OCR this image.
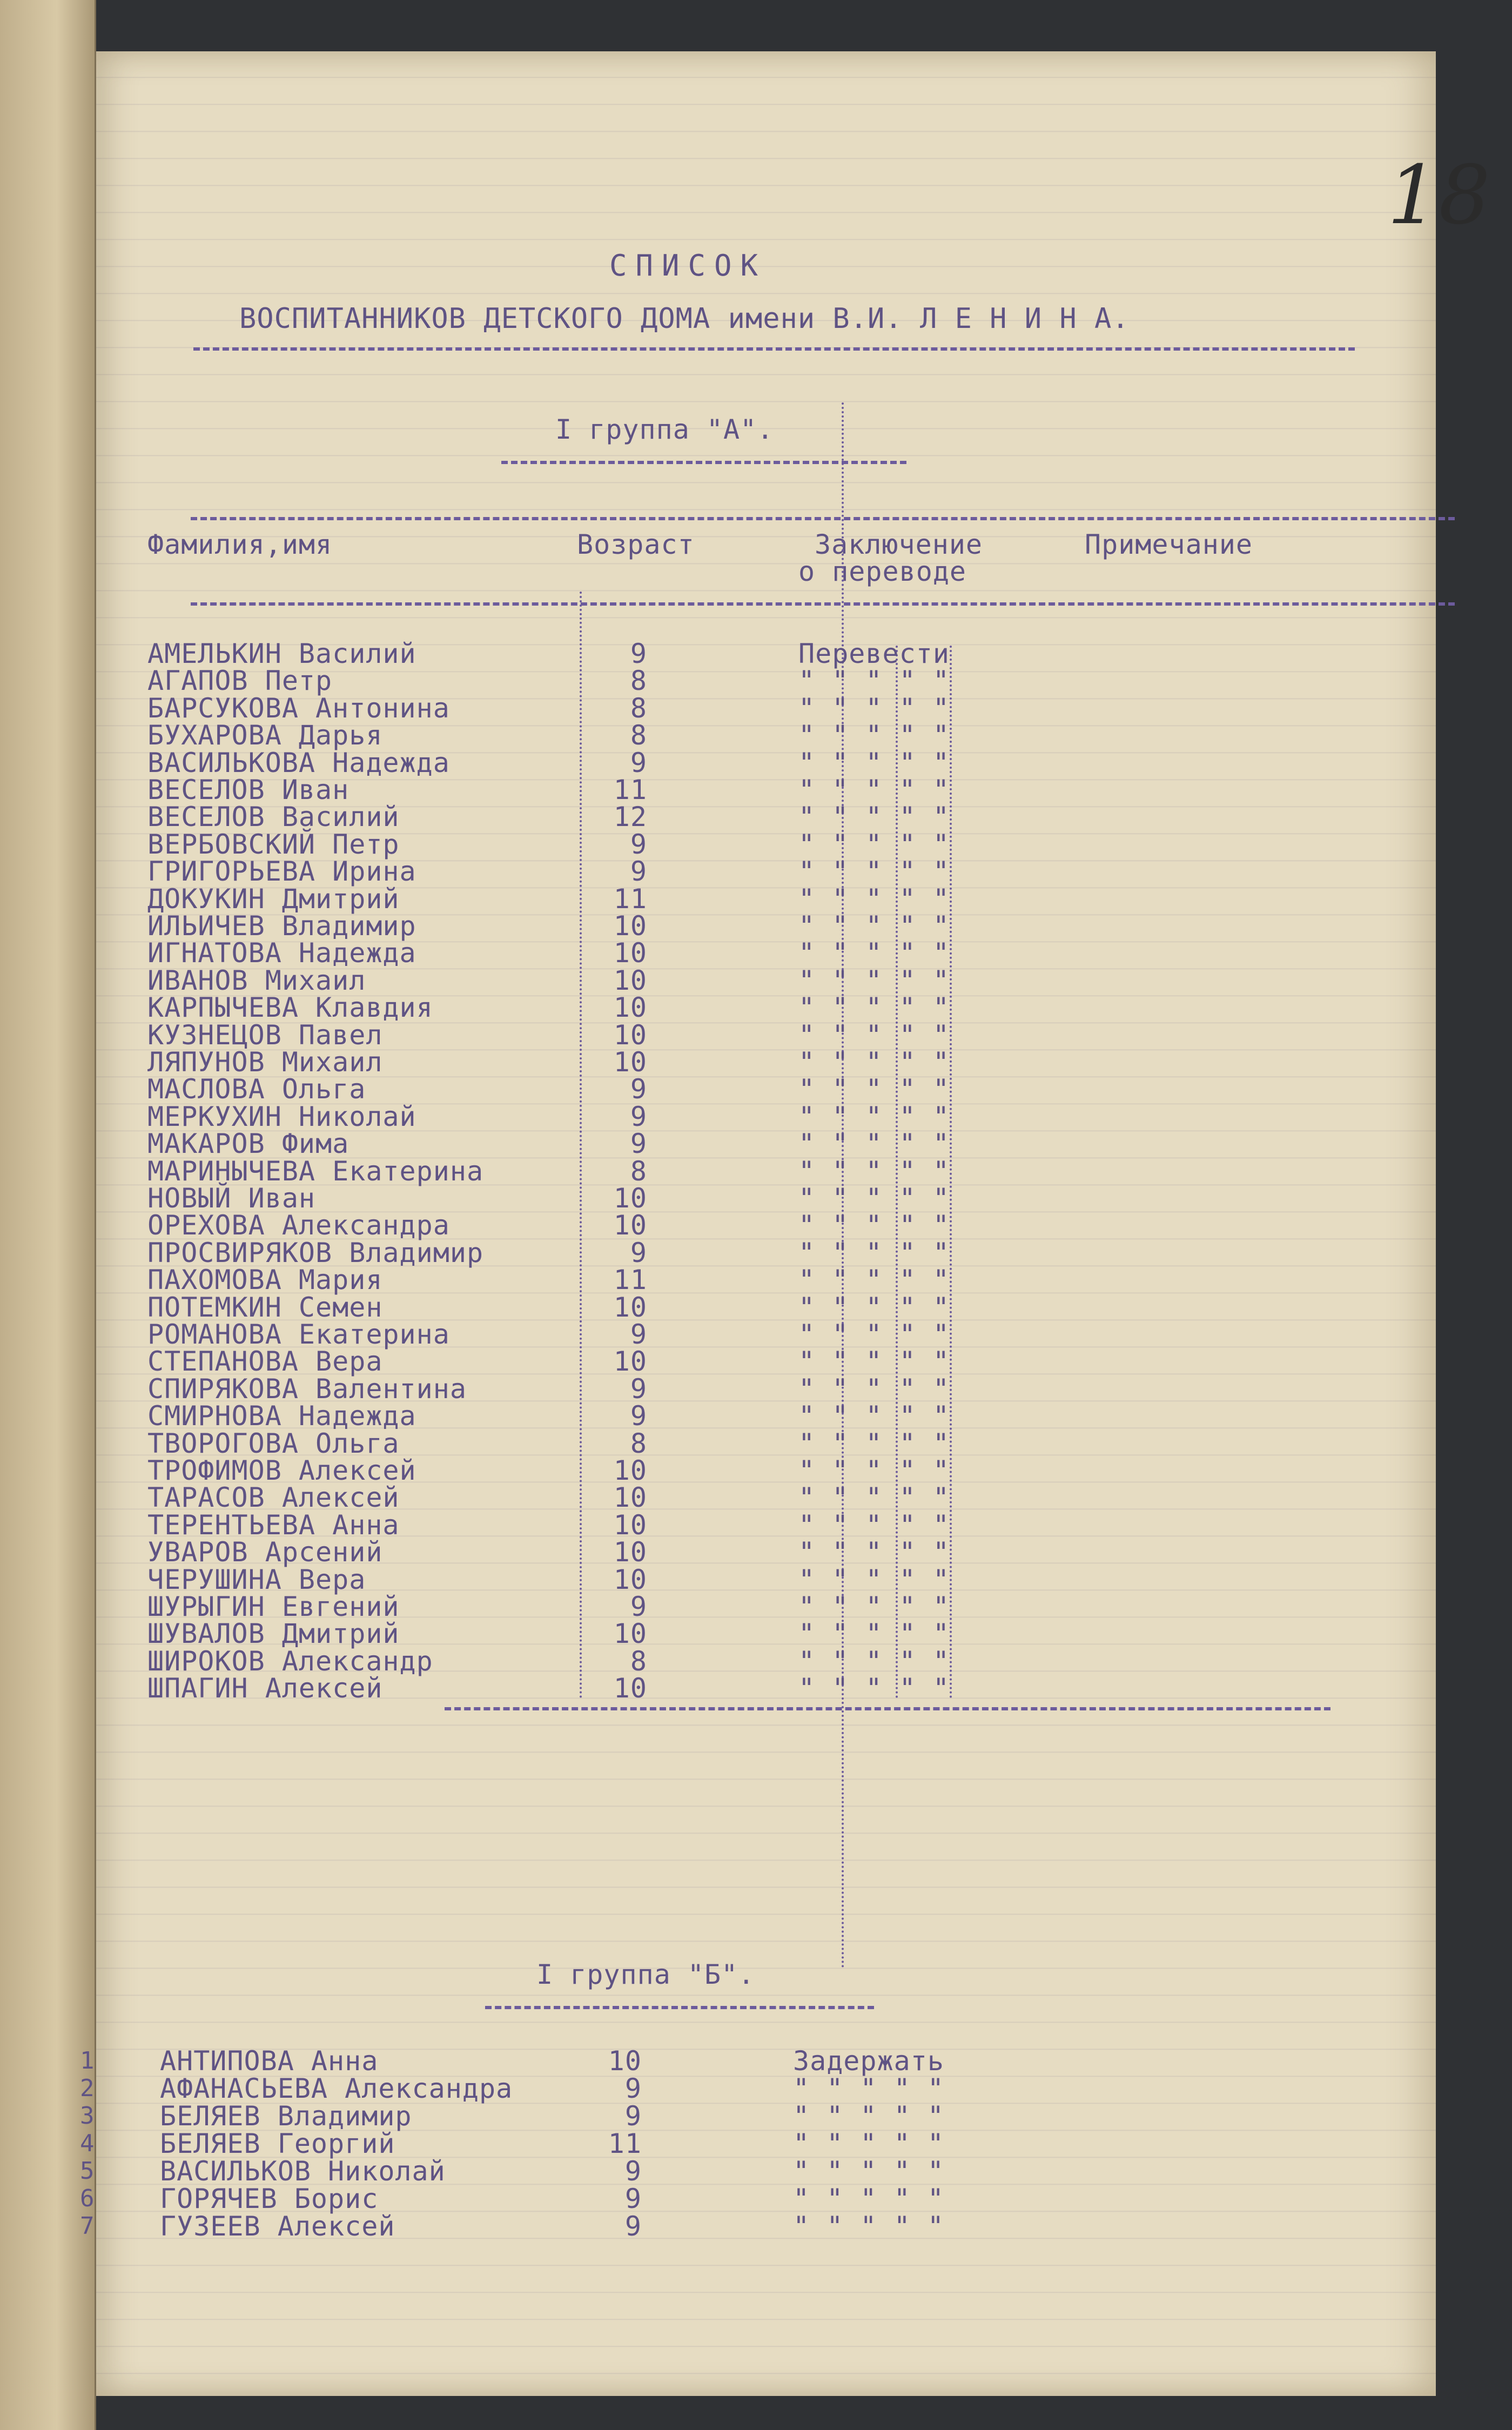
18
СПИСОК
ВОСПИТАННИКОВ ДЕТСКОГО ДОМА имени В.И. Л Е Н И Н А.
I группа "А".
Фамилия,имя	Возраст	Заключение
о переводе
Примечание
АМЕЛЬКИН Василий	9	Перевести
АГАПОВ Петр	8	" " " " "
БАРСУКОВА Антонина	8	" " " " "
БУХАРОВА Дарья	8	" " " " "
ВАСИЛЬКОВА Надежда	9	" " " " "
ВЕСЕЛОВ Иван	11	" " " " "
ВЕСЕЛОВ Василий	12	" " " " "
ВЕРБОВСКИЙ Петр	9	" " " " "
ГРИГОРЬЕВА Ирина	9	" " " " "
ДОКУКИН Дмитрий	11	" " " " "
ИЛЬИЧЕВ Владимир	10	" " " " "
ИГНАТОВА Надежда	10	" " " " "
ИВАНОВ Михаил	10	" " " " "
КАРПЫЧЕВА Клавдия	10	" " " " "
КУЗНЕЦОВ Павел	10	" " " " "
ЛЯПУНОВ Михаил	10	" " " " "
МАСЛОВА Ольга	9	" " " " "
МЕРКУХИН Николай	9	" " " " "
МАКАРОВ Фима	9	" " " " "
МАРИНЫЧЕВА Екатерина	8	" " " " "
НОВЫЙ Иван	10	" " " " "
ОРЕХОВА Александра	10	" " " " "
ПРОСВИРЯКОВ Владимир	9	" " " " "
ПАХОМОВА Мария	11	" " " " "
ПОТЕМКИН Семен	10	" " " " "
РОМАНОВА Екатерина	9	" " " " "
СТЕПАНОВА Вера	10	" " " " "
СПИРЯКОВА Валентина	9	" " " " "
СМИРНОВА Надежда	9	" " " " "
ТВОРОГОВА Ольга	8	" " " " "
ТРОФИМОВ Алексей	10	" " " " "
ТАРАСОВ Алексей	10	" " " " "
ТЕРЕНТЬЕВА Анна	10	" " " " "
УВАРОВ Арсений	10	" " " " "
ЧЕРУШИНА Вера	10	" " " " "
ШУРЫГИН Евгений	9	" " " " "
ШУВАЛОВ Дмитрий	10	" " " " "
ШИРОКОВ Александр	8	" " " " "
ШПАГИН Алексей	10	" " " " "
I группа "Б".
1 АНТИПОВА Анна	10	Задержать
2 АФАНАСЬЕВА Александра	9	" " " " "
3 БЕЛЯЕВ Владимир	9	" " " " "
4 БЕЛЯЕВ Георгий	11	" " " " "
5 ВАСИЛЬКОВ Николай	9	" " " " "
6 ГОРЯЧЕВ Борис	9	" " " " "
7 ГУЗЕЕВ Алексей	9	" " " " "
